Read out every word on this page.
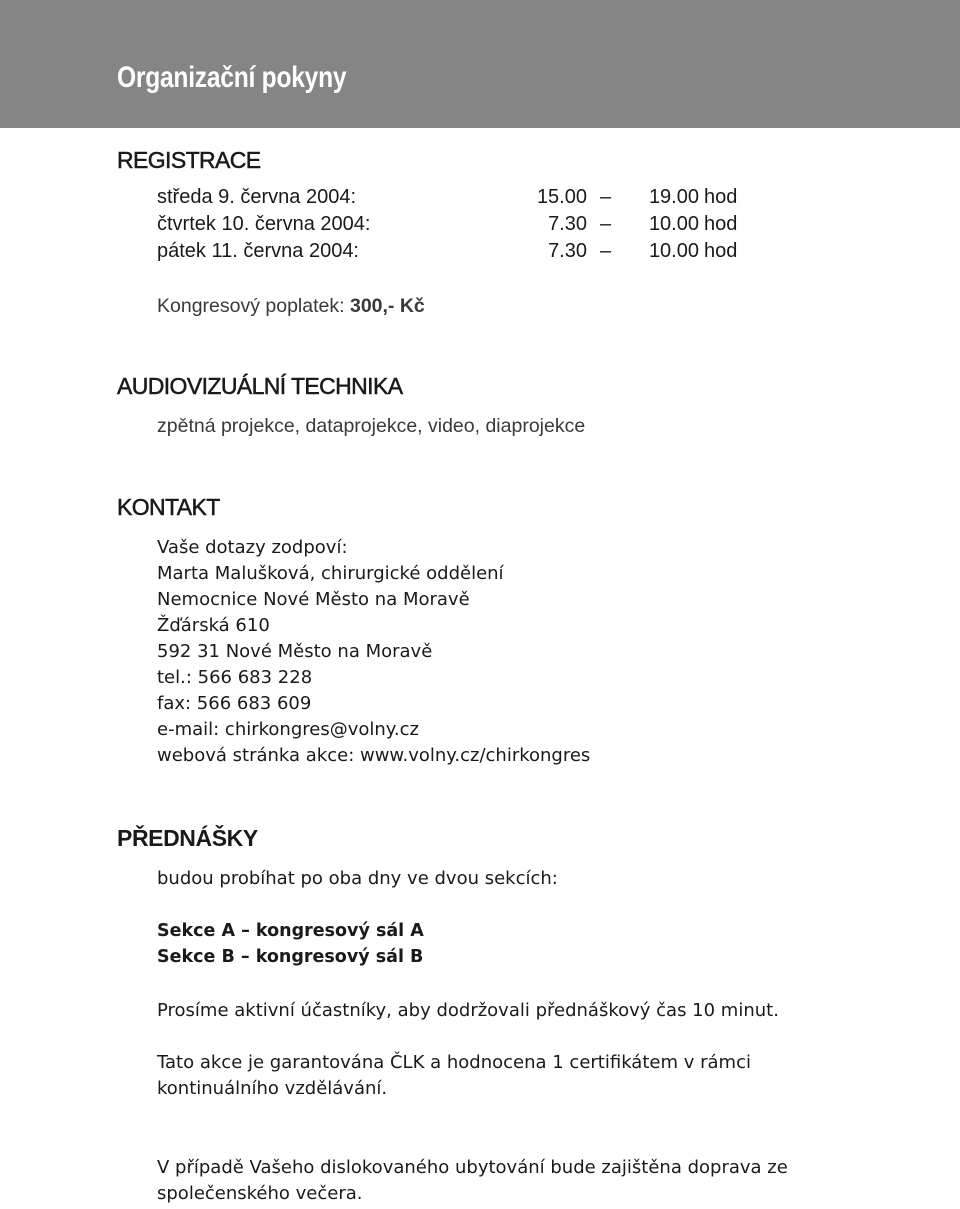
Organizační pokyny
REGISTRACE
středa 9. června 2004:	15.00 –	19.00 hod
čtvrtek 10. června 2004:	7.30 –	10.00 hod
pátek 11. června 2004:	7.30 –	10.00 hod
Kongresový poplatek: 300,- Kč
AUDIOVIZUÁLNÍ TECHNIKA
zpětná projekce, dataprojekce, video, diaprojekce
KONTAKT
Vaše dotazy zodpoví:
Marta Malušková, chirurgické oddělení
Nemocnice Nové Město na Moravě
Žďárská 610
592 31 Nové Město na Moravě
tel.: 566 683 228
fax: 566 683 609
e-mail: chirkongres@volny.cz
webová stránka akce: www.volny.cz/chirkongres
PŘEDNÁŠKY
budou probíhat po oba dny ve dvou sekcích:
Sekce A – kongresový sál A
Sekce B – kongresový sál B
Prosíme aktivní účastníky, aby dodržovali přednáškový čas 10 minut.
Tato akce je garantována ČLK a hodnocena 1 certifikátem v rámci
kontinuálního vzdělávání.
V případě Vašeho dislokovaného ubytování bude zajištěna doprava ze
společenského večera.
